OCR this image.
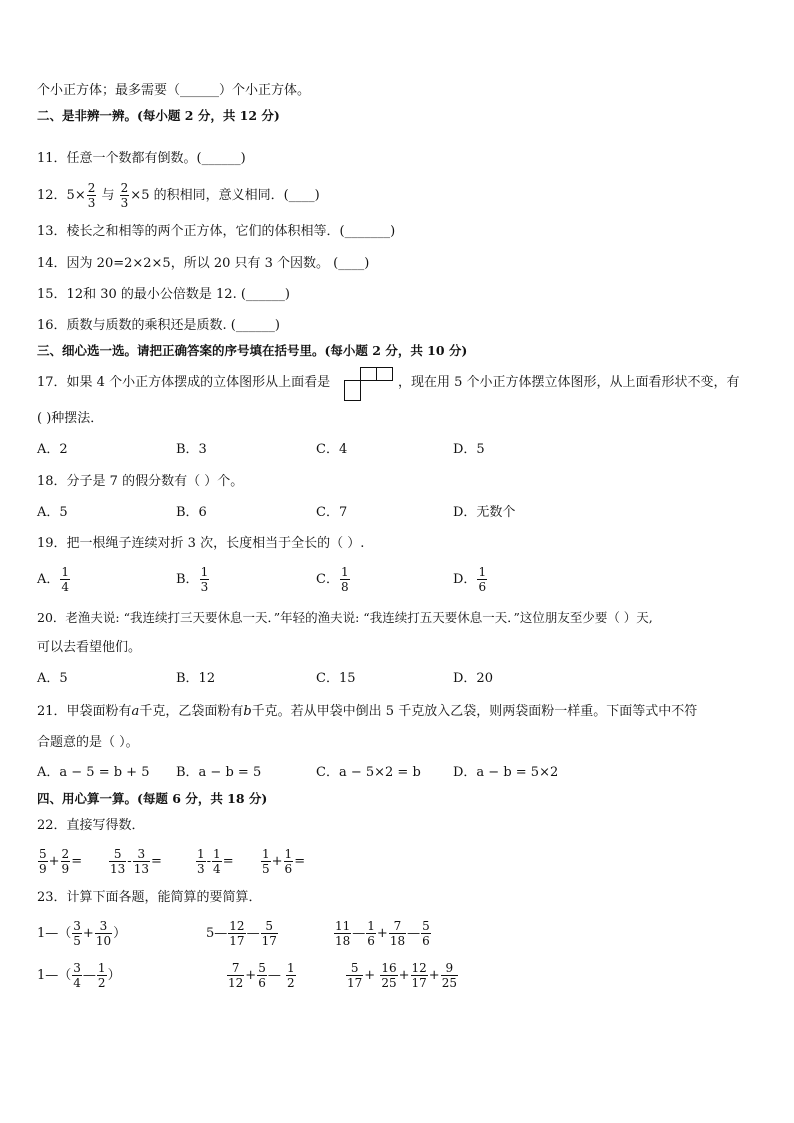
个小正方体；最多需要（______）个小正方体。
二、是非辨一辨。(每小题 2 分，共 12 分)
11．任意一个数都有倒数。(______)
12．$5\times \frac{2}{3}$ 与 $\frac{2}{3} \times 5$ 的积相同，意义相同．(____)
13．棱长之和相等的两个正方体，它们的体积相等．(_______)
14．因为 20=2×2×5，所以 20 只有 3 个因数。 (____)
15．12和 30 的最小公倍数是 12. (______)
16．质数与质数的乘积还是质数. (______)
三、细心选一选。请把正确答案的序号填在括号里。(每小题 2 分，共 10 分)
17．如果 4 个小正方体摆成的立体图形从上面看是	，现在用 5 个小正方体摆立体图形，从上面看形状不变，有
( )种摆法．
A．2	B．3	C．4	D．5
18．分子是 7 的假分数有（ ）个。
A．5	B．6	C．7	D．无数个
19．把一根绳子连续对折 3 次，长度相当于全长的（ ）.
A． $\frac{1}{4}$	B． $\frac{1}{3}$	C． $\frac{1}{8}$	D． $\frac{1}{6}$
20．老渔夫说: “我连续打三天要休息一天．”年轻的渔夫说: “我连续打五天要休息一天．”这位朋友至少要（ ）天,
可以去看望他们。
A．5	B．12	C．15	D．20
21．甲袋面粉有a千克，乙袋面粉有b千克。若从甲袋中倒出 5 千克放入乙袋，则两袋面粉一样重。下面等式中不符
合题意的是（ ）。
A．a − 5 = b + 5 B．a − b = 5	C．a − 5×2 = b D．a − b = 5×2
四、用心算一算。(每题 6 分，共 18 分)
22．直接写得数．
$\frac{5}{9} + \frac{2}{9} = \frac{5}{13} - \frac{3}{13}$ =	$\frac{1}{3} - \frac{1}{4} = \frac{1}{5} + \frac{1}{6}$ =
23．计算下面各题，能简算的要简算．
1—（ $\frac{3}{5} + \frac{3}{10}$ ）	5— $\frac{12}{17}$ — $\frac{5}{17}$	$\frac{11}{18}$ — $\frac{1}{6} + \frac{7}{18}$ — $\frac{5}{6}$
1—（ $\frac{3}{4}$ — $\frac{1}{2}$ ）	$\frac{7}{12} + \frac{5}{6}$ — $\frac{1}{2}$	$\frac{5}{17} + \frac{16}{25} + \frac{12}{17} + \frac{9}{25}$
